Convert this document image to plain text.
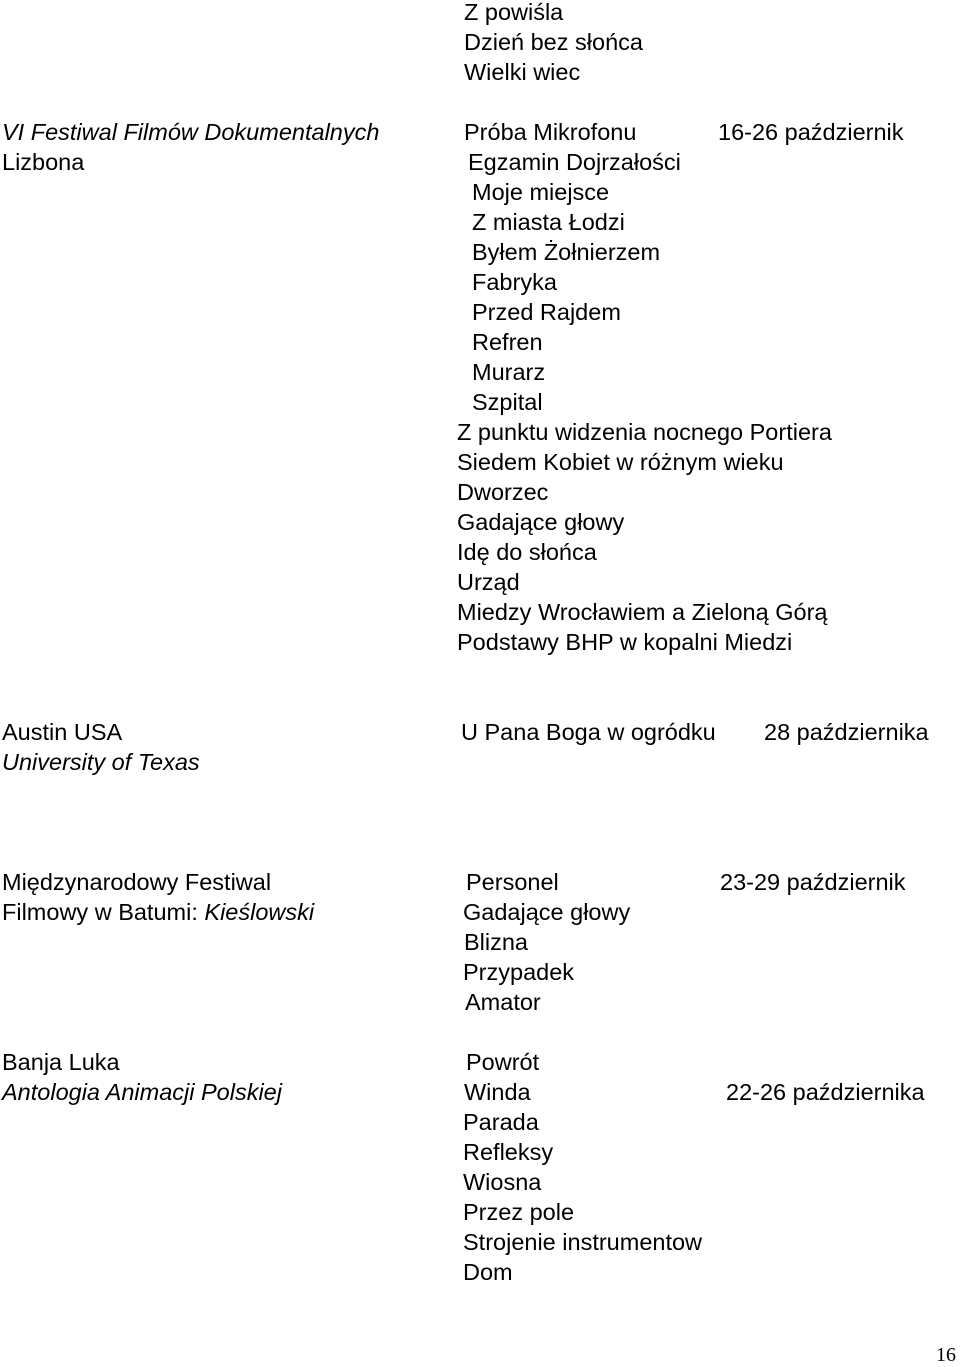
Z powiśla

Dzień bez słońca

Wielki wiec

VI Festiwal Filmów Dokumentalnych

Lizbona

16-26 październik

Próba Mikrofonu

Egzamin Dojrzałości

Moje miejsce

Z miasta Łodzi

Byłem Żołnierzem

Fabryka

Przed Rajdem

Refren

Murarz

Szpital

Z punktu widzenia nocnego Portiera

Siedem Kobiet w różnym wieku

Dworzec

Gadające głowy

Idę do słońca

Urząd

Miedzy Wrocławiem a Zieloną Górą

Podstawy BHP w kopalni Miedzi

Austin USA

University of Texas

U Pana Boga w ogródku 28 października

Międzynarodowy Festiwal

Filmowy w Batumi: Kieślowski

23-29 październik

Personel

Gadające głowy

Blizna

Przypadek

Amator

Banja Luka

Antologia Animacji Polskiej	22-26 października

Powrót

Winda

Parada

Refleksy

Wiosna

Przez pole

Strojenie instrumentow

Dom

16
